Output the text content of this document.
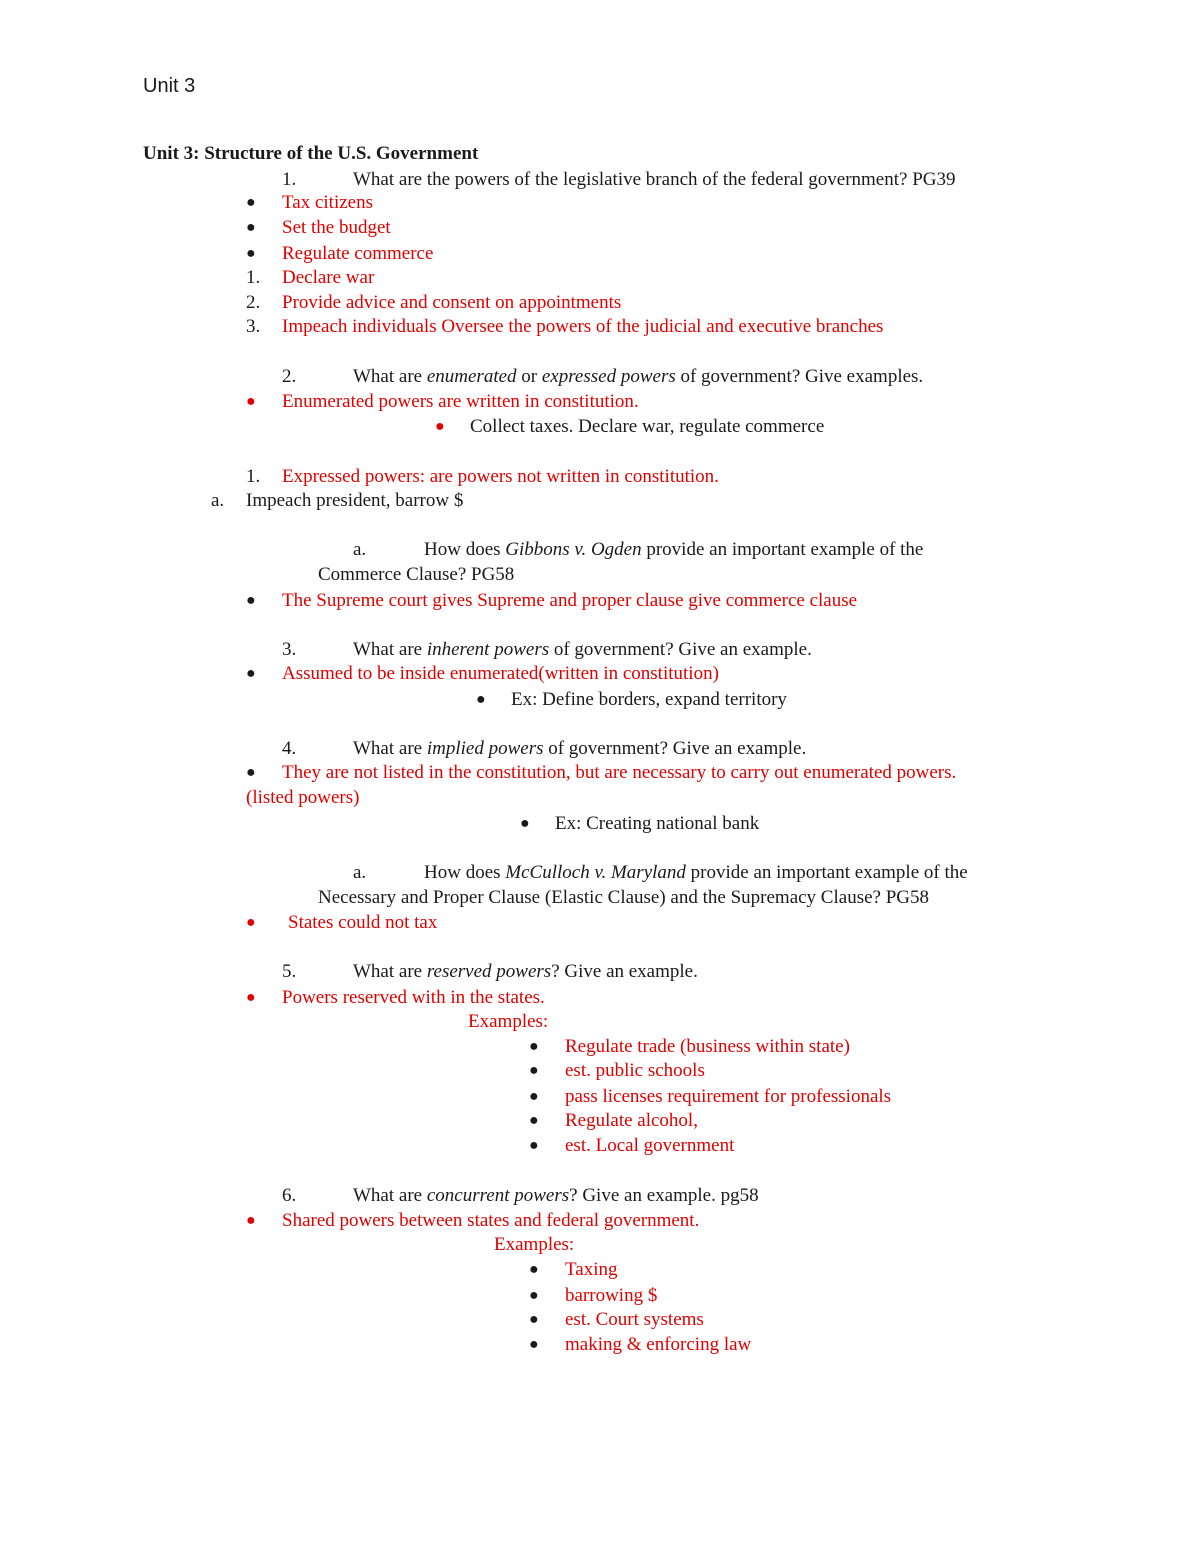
Unit 3
Unit 3: Structure of the U.S. Government
1.	What are the powers of the legislative branch of the federal government? PG39
● Tax citizens
● Set the budget
● Regulate commerce
1. Declare war
2. Provide advice and consent on appointments
3. Impeach individuals Oversee the powers of the judicial and executive branches
2.	What are enumerated or expressed powers of government? Give examples.
● Enumerated powers are written in constitution.
● Collect taxes. Declare war, regulate commerce
1. Expressed powers: are powers not written in constitution.
a. Impeach president, barrow $
a.	How does Gibbons v. Ogden provide an important example of the
Commerce Clause? PG58
● The Supreme court gives Supreme and proper clause give commerce clause
3.	What are inherent powers of government? Give an example.
● Assumed to be inside enumerated(written in constitution)
● Ex: Define borders, expand territory
4.	What are implied powers of government? Give an example.
● They are not listed in the constitution, but are necessary to carry out enumerated powers.
(listed powers)
● Ex: Creating national bank
a.	How does McCulloch v. Maryland provide an important example of the
Necessary and Proper Clause (Elastic Clause) and the Supremacy Clause? PG58
● States could not tax
5.	What are reserved powers? Give an example.
● Powers reserved with in the states.
Examples:
● Regulate trade (business within state)
● est. public schools
● pass licenses requirement for professionals
● Regulate alcohol,
● est. Local government
6.	What are concurrent powers? Give an example. pg58
● Shared powers between states and federal government.
Examples:
● Taxing
● barrowing $
● est. Court systems
● making & enforcing law
